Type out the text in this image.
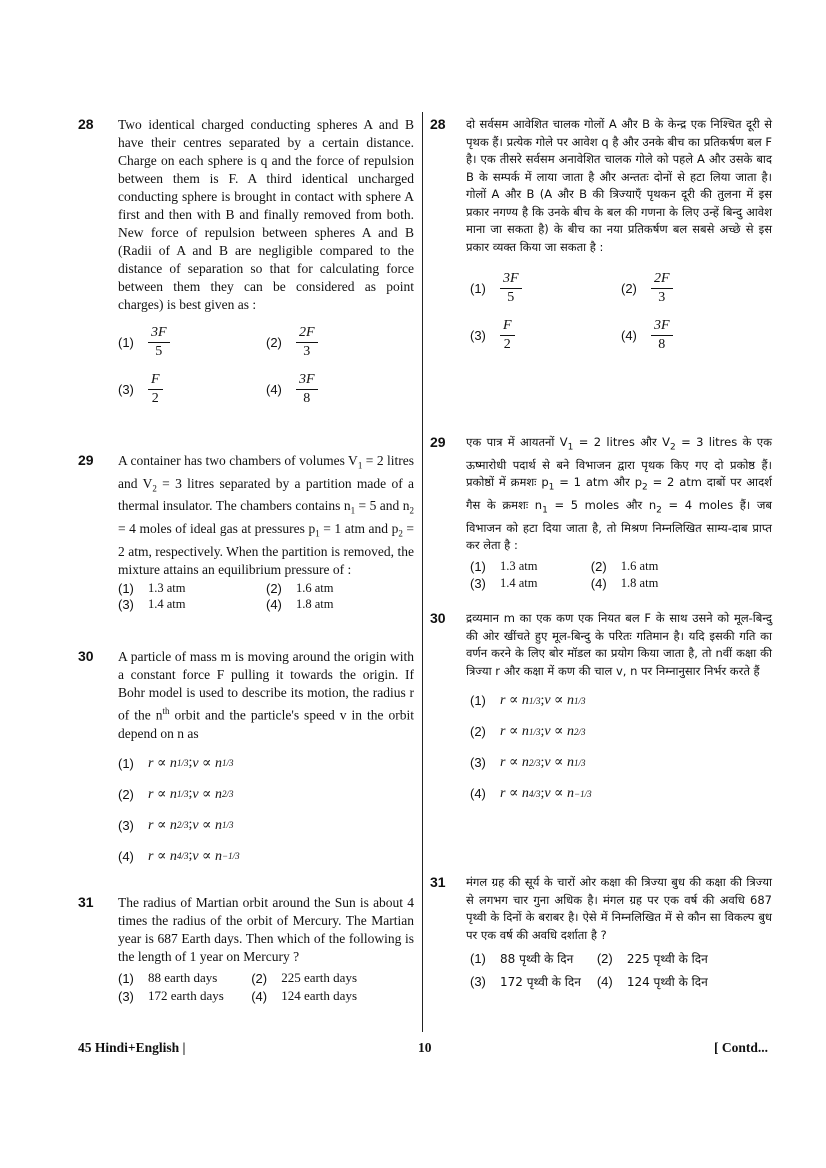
28 Two identical charged conducting spheres A and B have their centres separated by a certain distance. Charge on each sphere is q and the force of repulsion between them is F. A third identical uncharged conducting sphere is brought in contact with sphere A first and then with B and finally removed from both. New force of repulsion between spheres A and B (Radii of A and B are negligible compared to the distance of separation so that for calculating force between them they can be considered as point charges) is best given as :
(1)	$\frac{3F}{5}$	(2)	$\frac{2F}{3}$
(3)	$\frac{F}{2}$	(4)	$\frac{3F}{8}$
29 A container has two chambers of volumes $V_1 = 2$ litres and $V_2 = 3$ litres separated by a partition made of a thermal insulator. The chambers contains $n_1 = 5$ and $n_2 = 4$ moles of ideal gas at pressures $p_1 = 1$ atm and $p_2 = 2$ atm, respectively. When the partition is removed, the mixture attains an equilibrium pressure of :
(1)	1.3 atm	(2)	1.6 atm
(3)	1.4 atm	(4)	1.8 atm
30 A particle of mass m is moving around the origin with a constant force F pulling it towards the origin. If Bohr model is used to describe its motion, the radius r of the $n^{th}$ orbit and the particle's speed v in the orbit depend on n as
(1)	r ∝ n 1/3 ; v ∝ n 1/3
(2)	r ∝ n 1/3 ; v ∝ n 2/3
(3)	r ∝ n 2/3 ; v ∝ n 1/3
(4)	r ∝ n 4/3 ; v ∝ n −1/3
31 The radius of Martian orbit around the Sun is about 4 times the radius of the orbit of Mercury. The Martian year is 687 Earth days. Then which of the following is the length of 1 year on Mercury ?
(1)	88 earth days	(2)	225 earth days
(3)	172 earth days (4)	124 earth days
28 दो सर्वसम आवेशित चालक गोलों A और B के केन्द्र एक निश्चित दूरी से पृथक हैं। प्रत्येक गोले पर आवेश q है और उनके बीच का प्रतिकर्षण बल F है। एक तीसरे सर्वसम अनावेशित चालक गोले को पहले A और उसके बाद B के सम्पर्क में लाया जाता है और अन्ततः दोनों से हटा लिया जाता है। गोलों A और B (A और B की त्रिज्याएँ पृथकन दूरी की तुलना में इस प्रकार नगण्य है कि उनके बीच के बल की गणना के लिए उन्हें बिन्दु आवेश माना जा सकता है) के बीच का नया प्रतिकर्षण बल सबसे अच्छे से इस प्रकार व्यक्त किया जा सकता है :
(1)	$\frac{3F}{5}$	(2)	$\frac{2F}{3}$
(3)	$\frac{F}{2}$	(4)	$\frac{3F}{8}$
29 एक पात्र में आयतनों $V_1 = 2$ litres और $V_2 = 3$ litres के एक ऊष्मारोधी पदार्थ से बने विभाजन द्वारा पृथक किए गए दो प्रकोष्ठ हैं। प्रकोष्ठों में क्रमशः $p_1 = 1$ atm और $p_2 = 2$ atm दाबों पर आदर्श गैस के क्रमशः $n_1 = 5$ moles और $n_2 = 4$ moles हैं। जब विभाजन को हटा दिया जाता है, तो मिश्रण निम्नलिखित साम्य-दाब प्राप्त कर लेता है :
(1)	1.3 atm	(2)	1.6 atm
(3)	1.4 atm	(4)	1.8 atm
30 द्रव्यमान m का एक कण एक नियत बल F के साथ उसने को मूल-बिन्दु की ओर खींचते हुए मूल-बिन्दु के परितः गतिमान है। यदि इसकी गति का वर्णन करने के लिए बोर मॉडल का प्रयोग किया जाता है, तो nवीं कक्षा की त्रिज्या r और कक्षा में कण की चाल v, n पर निम्नानुसार निर्भर करते हैं
(1)	r ∝ n 1/3 ; v ∝ n 1/3
(2)	r ∝ n 1/3 ; v ∝ n 2/3
(3)	r ∝ n 2/3 ; v ∝ n 1/3
(4)	r ∝ n 4/3 ; v ∝ n −1/3
31 मंगल ग्रह की सूर्य के चारों ओर कक्षा की त्रिज्या बुध की कक्षा की त्रिज्या से लगभग चार गुना अधिक है। मंगल ग्रह पर एक वर्ष की अवधि 687 पृथ्वी के दिनों के बराबर है। ऐसे में निम्नलिखित में से कौन सा विकल्प बुध पर एक वर्ष की अवधि दर्शाता है ?
(1)	88 पृथ्वी के दिन (2)	225 पृथ्वी के दिन
(3)	172 पृथ्वी के दिन (4)	124 पृथ्वी के दिन
45 Hindi+English |	10	[ Contd...
